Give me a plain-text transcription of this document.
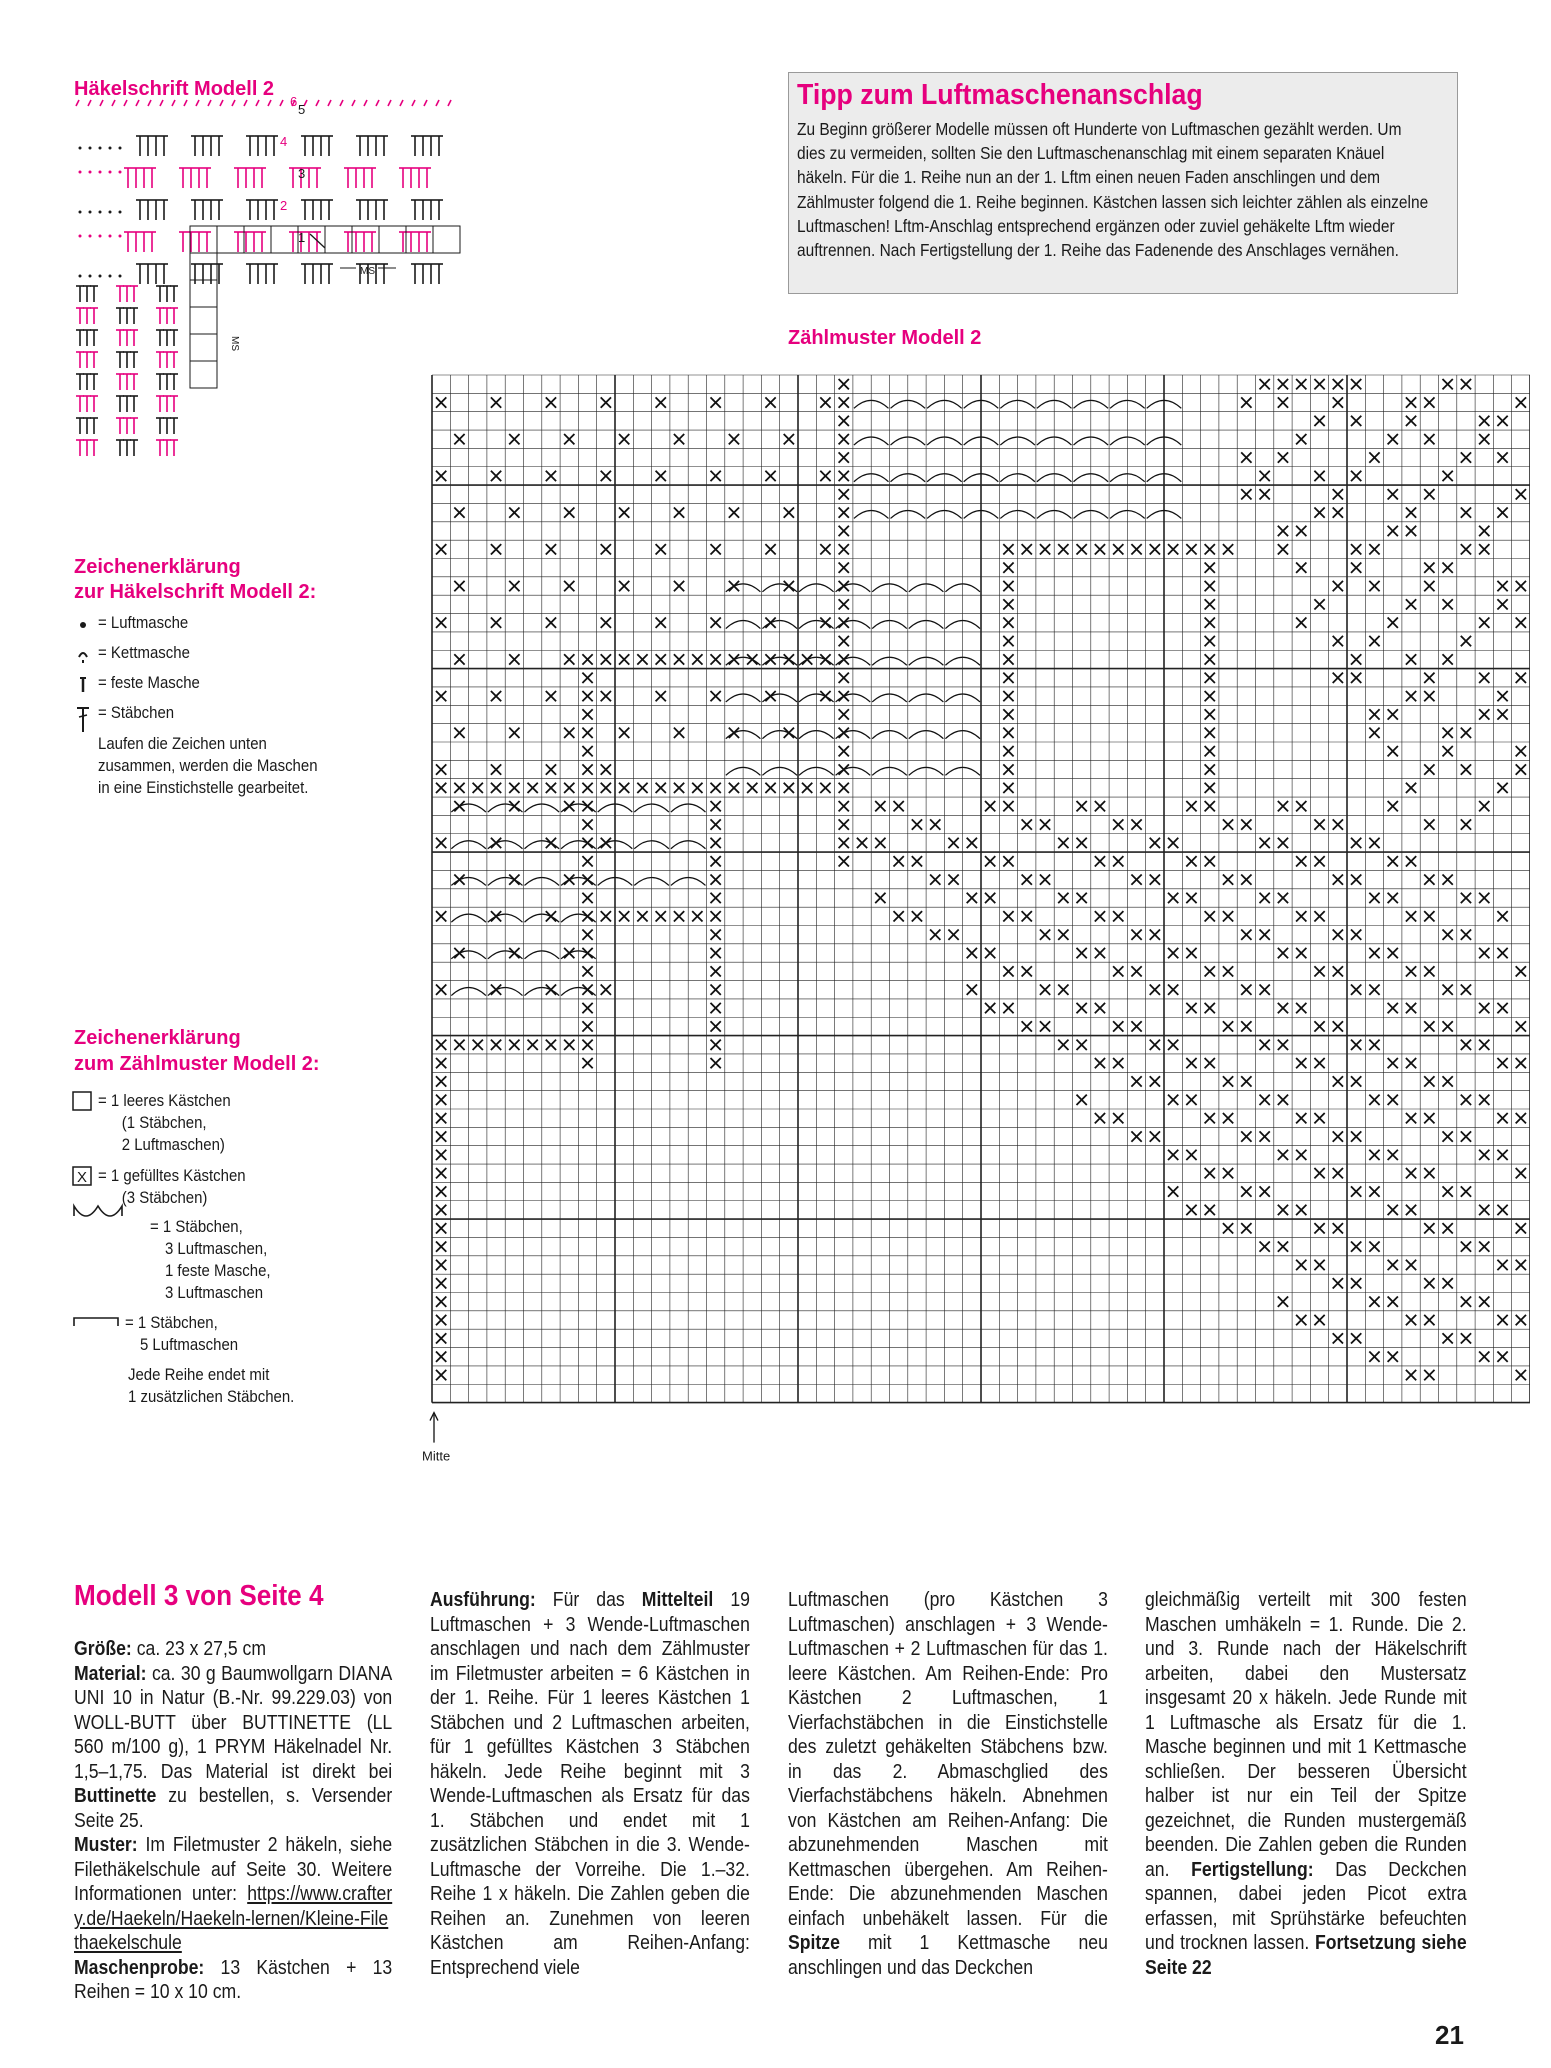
Häkelschrift Modell 2
1
2
3
4
5
6
MS
MS
Tipp zum Luftmaschenanschlag
Zu Beginn größerer Modelle müssen oft Hunderte von Luftmaschen gezählt werden. Um dies zu vermeiden, sollten Sie den Luftmaschenanschlag mit einem separaten Knäuel häkeln. Für die 1. Reihe nun an der 1. Lftm einen neuen Faden anschlingen und dem Zählmuster folgend die 1. Reihe beginnen. Kästchen lassen sich leichter zählen als einzelne Luftmaschen! Lftm-Anschlag entsprechend ergänzen oder zuviel gehäkelte Lftm wieder auftrennen. Nach Fertigstellung der 1. Reihe das Fadenende des Anschlages vernähen.
Zeichenerklärung
zur Häkelschrift Modell 2:
= Luftmasche
= Kettmasche
= feste Masche
= Stäbchen
Laufen die Zeichen unten
zusammen, werden die Maschen
in eine Einstichstelle gearbeitet.
Zeichenerklärung
zum Zählmuster Modell 2:
X
= 1 leeres Kästchen
(1 Stäbchen,
2 Luftmaschen)
= 1 gefülltes Kästchen
(3 Stäbchen)
= 1 Stäbchen,
3 Luftmaschen,
1 feste Masche,
3 Luftmaschen
= 1 Stäbchen,
5 Luftmaschen
Jede Reihe endet mit
1 zusätzlichen Stäbchen.
Zählmuster Modell 2
Mitte
Modell 3 von Seite 4
Größe: ca. 23 x 27,5 cm
Material: ca. 30 g Baumwollgarn DIANA UNI 10 in Natur (B.-Nr. 99.229.03) von WOLL-BUTT über BUTTINETTE (LL 560 m/100 g), 1 PRYM Häkelnadel Nr. 1,5–1,75. Das Material ist direkt bei Buttinette zu bestellen, s. Versender Seite 25.
Muster: Im Filetmuster 2 häkeln, siehe Filethäkelschule auf Seite 30. Weitere Informationen unter: https://www.craftery.de/Haekeln/Haekeln-lernen/Kleine-Filethaekelschule
Maschenprobe: 13 Kästchen + 13 Reihen = 10 x 10 cm.
Ausführung: Für das Mittelteil 19 Luftmaschen + 3 Wende-Luftmaschen anschlagen und nach dem Zählmuster im Filetmuster arbeiten = 6 Kästchen in der 1. Reihe. Für 1 leeres Kästchen 1 Stäbchen und 2 Luftmaschen arbeiten, für 1 gefülltes Kästchen 3 Stäbchen häkeln. Jede Reihe beginnt mit 3 Wende-Luftmaschen als Ersatz für das 1. Stäbchen und endet mit 1 zusätzlichen Stäbchen in die 3. Wende-Luftmasche der Vorreihe. Die 1.–32. Reihe 1 x häkeln. Die Zahlen geben die Reihen an. Zunehmen von leeren Kästchen am Reihen-Anfang: Entsprechend viele
Luftmaschen (pro Kästchen 3 Luftmaschen) anschlagen + 3 Wende-Luftmaschen + 2 Luftmaschen für das 1. leere Kästchen. Am Reihen-Ende: Pro Kästchen 2 Luftmaschen, 1 Vierfachstäbchen in die Einstichstelle des zuletzt gehäkelten Stäbchens bzw. in das 2. Abmaschglied des Vierfachstäbchens häkeln. Abnehmen von Kästchen am Reihen-Anfang: Die abzunehmenden Maschen mit Kettmaschen übergehen. Am Reihen-Ende: Die abzunehmenden Maschen einfach unbehäkelt lassen. Für die Spitze mit 1 Kettmasche neu anschlingen und das Deckchen
gleichmäßig verteilt mit 300 festen Maschen umhäkeln = 1. Runde. Die 2. und 3. Runde nach der Häkelschrift arbeiten, dabei den Mustersatz insgesamt 20 x häkeln. Jede Runde mit 1 Luftmasche als Ersatz für die 1. Masche beginnen und mit 1 Kettmasche schließen. Der besseren Übersicht halber ist nur ein Teil der Spitze gezeichnet, die Runden mustergemäß beenden. Die Zahlen geben die Runden an. Fertigstellung: Das Deckchen spannen, dabei jeden Picot extra erfassen, mit Sprühstärke befeuchten und trocknen lassen. Fortsetzung siehe Seite 22
21
